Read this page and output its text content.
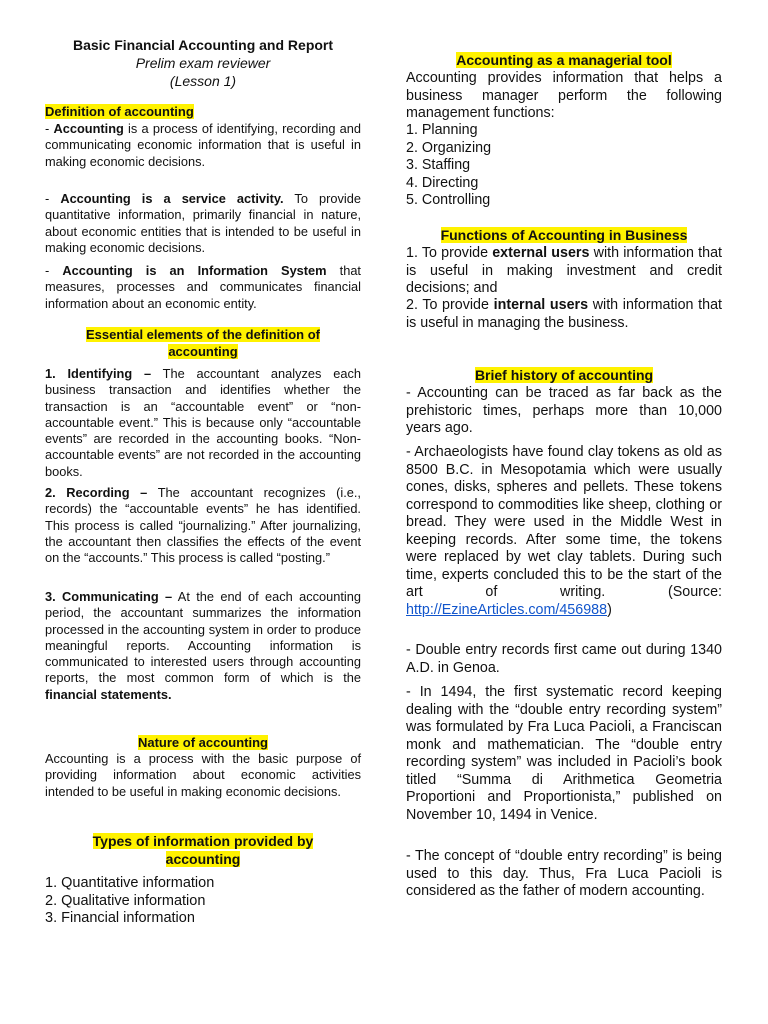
Basic Financial Accounting and Report
Prelim exam reviewer
(Lesson 1)
Definition of accounting
- Accounting is a process of identifying, recording and communicating economic information that is useful in making economic decisions.
- Accounting is a service activity. To provide quantitative information, primarily financial in nature, about economic entities that is intended to be useful in making economic decisions.
- Accounting is an Information System that measures, processes and communicates financial information about an economic entity.
Essential elements of the definition of
accounting
1. Identifying – The accountant analyzes each business transaction and identifies whether the transaction is an “accountable event” or “non-accountable event.” This is because only “accountable events” are recorded in the accounting books. “Non-accountable events” are not recorded in the accounting books.
2. Recording – The accountant recognizes (i.e., records) the “accountable events” he has identified. This process is called “journalizing.” After journalizing, the accountant then classifies the effects of the event on the “accounts.” This process is called “posting.”
3. Communicating – At the end of each accounting period, the accountant summarizes the information processed in the accounting system in order to produce meaningful reports. Accounting information is communicated to interested users through accounting reports, the most common form of which is the financial statements.
Nature of accounting
Accounting is a process with the basic purpose of providing information about economic activities intended to be useful in making economic decisions.
Types of information provided by
accounting
1. Quantitative information
2. Qualitative information
3. Financial information
Accounting as a managerial tool
Accounting provides information that helps a business manager perform the following management functions:
1. Planning
2. Organizing
3. Staffing
4. Directing
5. Controlling
Functions of Accounting in Business
1. To provide external users with information that is useful in making investment and credit decisions; and
2. To provide internal users with information that is useful in managing the business.
Brief history of accounting
- Accounting can be traced as far back as the prehistoric times, perhaps more than 10,000 years ago.
- Archaeologists have found clay tokens as old as 8500 B.C. in Mesopotamia which were usually cones, disks, spheres and pellets. These tokens correspond to commodities like sheep, clothing or bread. They were used in the Middle West in keeping records. After some time, the tokens were replaced by wet clay tablets. During such time, experts concluded this to be the start of the art of writing. (Source: http://EzineArticles.com/456988)
- Double entry records first came out during 1340 A.D. in Genoa.
- In 1494, the first systematic record keeping dealing with the “double entry recording system” was formulated by Fra Luca Pacioli, a Franciscan monk and mathematician. The “double entry recording system” was included in Pacioli’s book titled “Summa di Arithmetica Geometria Proportioni and Proportionista,” published on November 10, 1494 in Venice.
- The concept of “double entry recording” is being used to this day. Thus, Fra Luca Pacioli is considered as the father of modern accounting.
